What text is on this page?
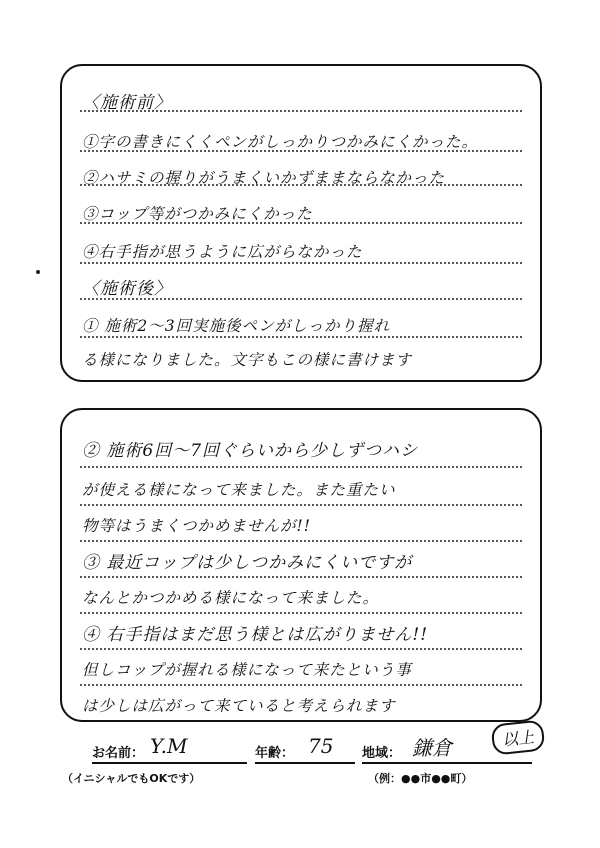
〈施術前〉
①字の書きにくくペンがしっかりつかみにくかった。
②ハサミの握りがうまくいかずままならなかった
③コップ等がつかみにくかった
④右手指が思うように広がらなかった
〈施術後〉
① 施術2〜3回実施後ペンがしっかり握れ
る様になりました。文字もこの様に書けます
② 施術6回〜7回ぐらいから少しずつハシ
が使える様になって来ました。また重たい
物等はうまくつかめませんが!!
③ 最近コップは少しつかみにくいですが
なんとかつかめる様になって来ました。
④ 右手指はまだ思う様とは広がりません!!
但しコップが握れる様になって来たという事
は少しは広がって来ていると考えられます
お名前： Y.M
（イニシャルでもOKです）
年齢： 75 地域： 鎌倉
（例：●●市●●町）
以上
